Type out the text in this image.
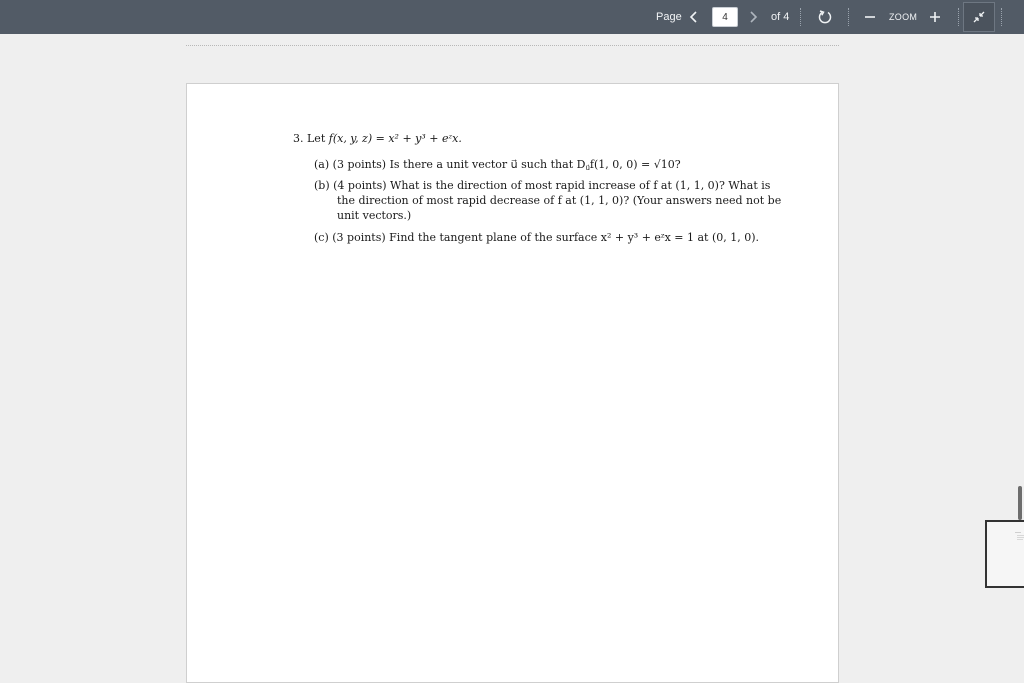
Page
4	of 4	ZOOM
3. Let f(x, y, z) = x² + y³ + eᶻx.
(a) (3 points) Is there a unit vector u⃗ such that $D_{u⃗}f(1$, 0, 0) = √10?
(b) (4 points) What is the direction of most rapid increase of f at (1, 1, 0)? What is
the direction of most rapid decrease of f at (1, 1, 0)? (Your answers need not be
unit vectors.)
(c) (3 points) Find the tangent plane of the surface x² + y³ + eᶻx = 1 at (0, 1, 0).
